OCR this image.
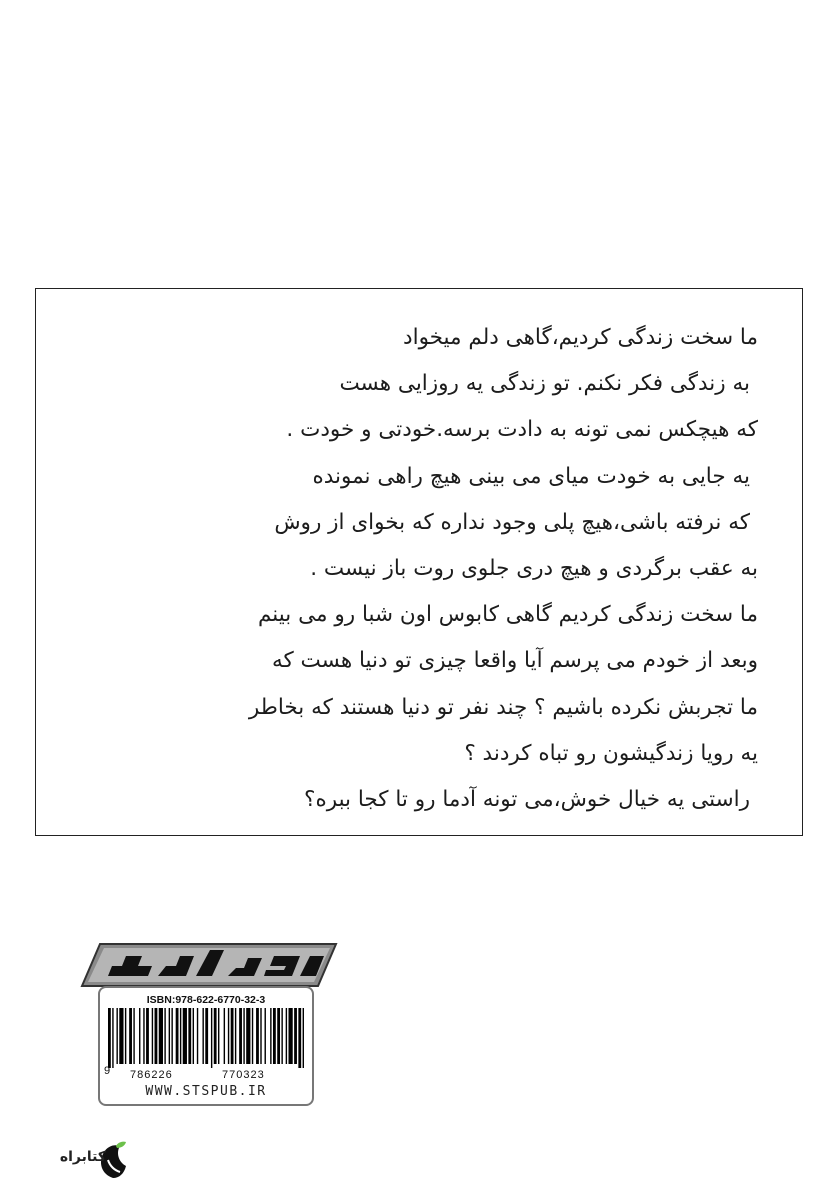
ما سخت زندگی کردیم،گاهی دلم میخواد
به زندگی فکر نکنم. تو زندگی یه روزایی هست
که هیچکس نمی تونه به دادت برسه.خودتی و خودت .
یه جایی به خودت میای می بینی هیچ راهی نمونده
که نرفته باشی،هیچ پلی وجود نداره که بخوای از روش
به عقب برگردی و هیچ دری جلوی روت باز نیست .
ما سخت زندگی کردیم گاهی کابوس اون شبا رو می بینم
وبعد از خودم می پرسم آیا واقعا چیزی تو دنیا هست که
ما تجربش نکرده باشیم ؟ چند نفر تو دنیا هستند که بخاطر
یه رویا زندگیشون رو تباه کردند ؟
راستی یه خیال خوش،می تونه آدما رو تا کجا ببره؟
ISBN:978-622-6770-32-3
9 786226	770323
WWW.STSPUB.IR
کتابراه
